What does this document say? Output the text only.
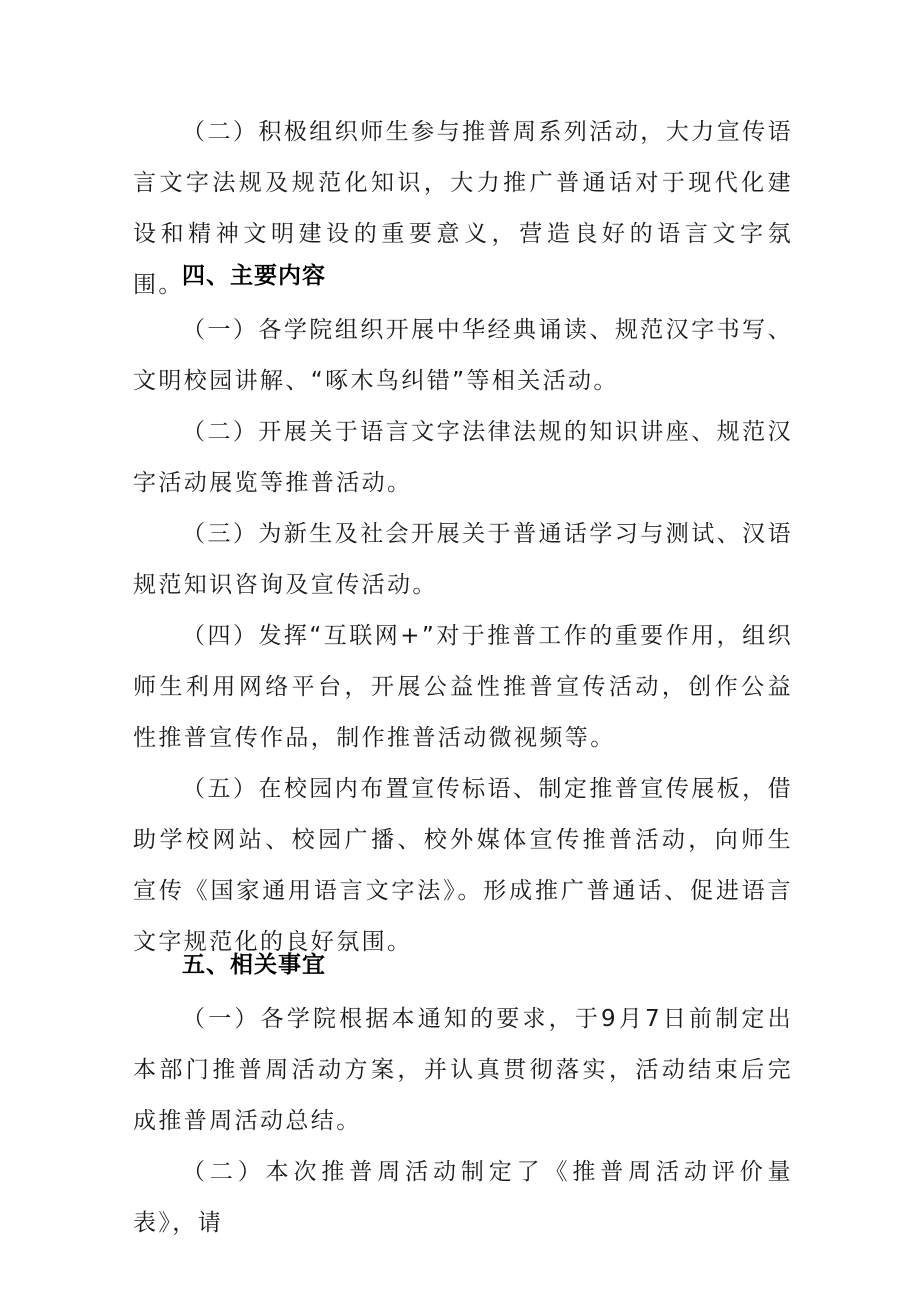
（二）积极组织师生参与推普周系列活动，大力宣传语言文字法规及规范化知识，大力推广普通话对于现代化建设和精神文明建设的重要意义，营造良好的语言文字氛围。

四、主要内容

（一）各学院组织开展中华经典诵读、规范汉字书写、文明校园讲解、“啄木鸟纠错”等相关活动。

（二）开展关于语言文字法律法规的知识讲座、规范汉字活动展览等推普活动。

（三）为新生及社会开展关于普通话学习与测试、汉语规范知识咨询及宣传活动。

（四）发挥“互联网+”对于推普工作的重要作用，组织师生利用网络平台，开展公益性推普宣传活动，创作公益性推普宣传作品，制作推普活动微视频等。

（五）在校园内布置宣传标语、制定推普宣传展板，借助学校网站、校园广播、校外媒体宣传推普活动，向师生宣传《国家通用语言文字法》。形成推广普通话、促进语言文字规范化的良好氛围。

五、相关事宜

（一）各学院根据本通知的要求，于9月7日前制定出本部门推普周活动方案，并认真贯彻落实，活动结束后完成推普周活动总结。

（二）本次推普周活动制定了《推普周活动评价量表》，请
